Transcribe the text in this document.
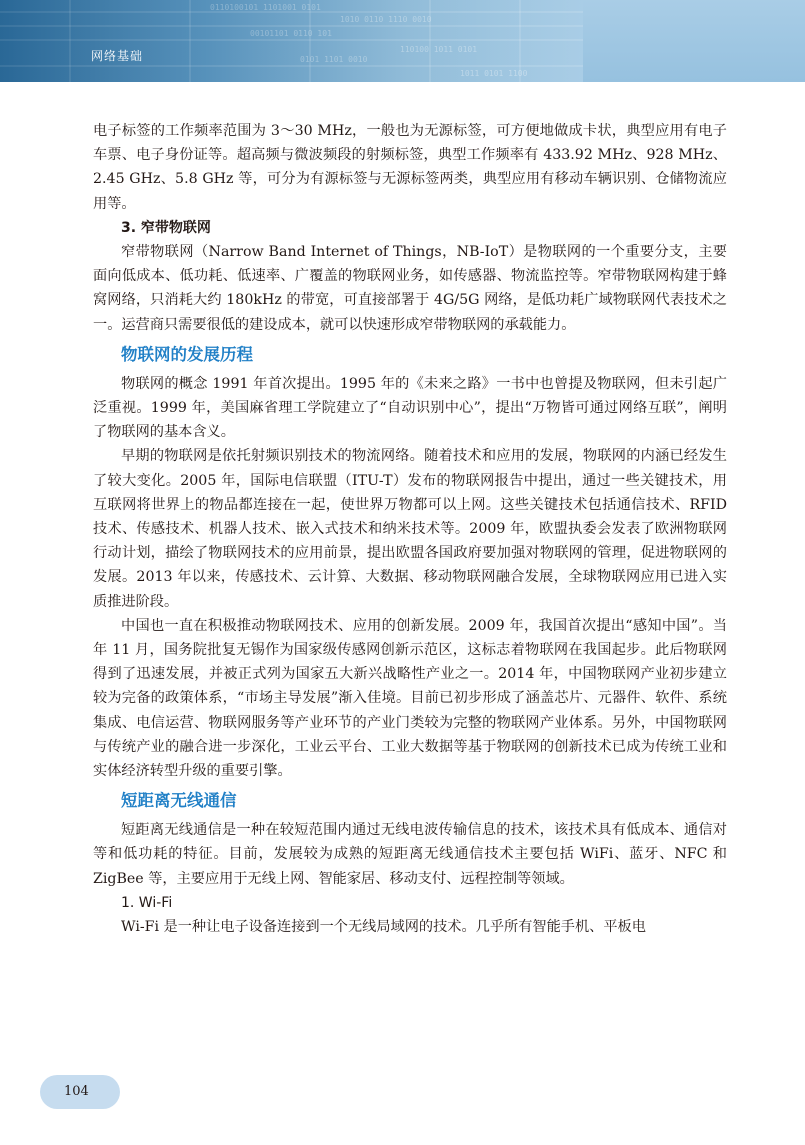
网络基础

电子标签的工作频率范围为 3～30 MHz，一般也为无源标签，可方便地做成卡状，典型应用有电子车票、电子身份证等。超高频与微波频段的射频标签，典型工作频率有 433.92 MHz、928 MHz、2.45 GHz、5.8 GHz 等，可分为有源标签与无源标签两类，典型应用有移动车辆识别、仓储物流应用等。

3. 窄带物联网

窄带物联网（Narrow Band Internet of Things，NB-IoT）是物联网的一个重要分支，主要面向低成本、低功耗、低速率、广覆盖的物联网业务，如传感器、物流监控等。窄带物联网构建于蜂窝网络，只消耗大约 180kHz 的带宽，可直接部署于 4G/5G 网络，是低功耗广域物联网代表技术之一。运营商只需要很低的建设成本，就可以快速形成窄带物联网的承载能力。

物联网的发展历程

物联网的概念 1991 年首次提出。1995 年的《未来之路》一书中也曾提及物联网，但未引起广泛重视。1999 年，美国麻省理工学院建立了“自动识别中心”，提出“万物皆可通过网络互联”，阐明了物联网的基本含义。

早期的物联网是依托射频识别技术的物流网络。随着技术和应用的发展，物联网的内涵已经发生了较大变化。2005 年，国际电信联盟（ITU-T）发布的物联网报告中提出，通过一些关键技术，用互联网将世界上的物品都连接在一起，使世界万物都可以上网。这些关键技术包括通信技术、RFID 技术、传感技术、机器人技术、嵌入式技术和纳米技术等。2009 年，欧盟执委会发表了欧洲物联网行动计划，描绘了物联网技术的应用前景，提出欧盟各国政府要加强对物联网的管理，促进物联网的发展。2013 年以来，传感技术、云计算、大数据、移动物联网融合发展，全球物联网应用已进入实质推进阶段。

中国也一直在积极推动物联网技术、应用的创新发展。2009 年，我国首次提出“感知中国”。当年 11 月，国务院批复无锡作为国家级传感网创新示范区，这标志着物联网在我国起步。此后物联网得到了迅速发展，并被正式列为国家五大新兴战略性产业之一。2014 年，中国物联网产业初步建立较为完备的政策体系，“市场主导发展”渐入佳境。目前已初步形成了涵盖芯片、元器件、软件、系统集成、电信运营、物联网服务等产业环节的产业门类较为完整的物联网产业体系。另外，中国物联网与传统产业的融合进一步深化，工业云平台、工业大数据等基于物联网的创新技术已成为传统工业和实体经济转型升级的重要引擎。

短距离无线通信

短距离无线通信是一种在较短范围内通过无线电波传输信息的技术，该技术具有低成本、通信对等和低功耗的特征。目前，发展较为成熟的短距离无线通信技术主要包括 WiFi、蓝牙、NFC 和 ZigBee 等，主要应用于无线上网、智能家居、移动支付、远程控制等领域。

1. Wi-Fi

Wi-Fi 是一种让电子设备连接到一个无线局域网的技术。几乎所有智能手机、平板电

104
